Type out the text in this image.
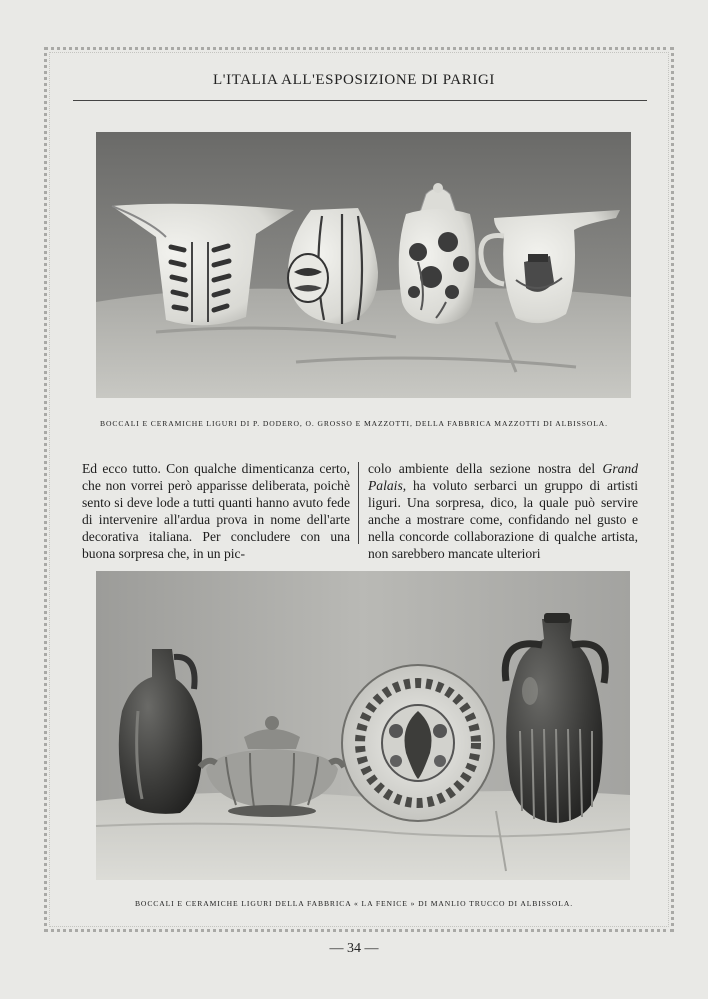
L'ITALIA ALL'ESPOSIZIONE DI PARIGI
BOCCALI E CERAMICHE LIGURI DI P. DODERO, O. GROSSO E MAZZOTTI, DELLA FABBRICA MAZZOTTI DI ALBISSOLA.

Ed ecco tutto. Con qualche dimenticanza certo, che non vorrei però apparisse deliberata, poichè sento si deve lode a tutti quanti hanno avuto fede di intervenire all'ardua prova in nome dell'arte decorativa italiana. Per concludere con una buona sorpresa che, in un pic-

colo ambiente della sezione nostra del Grand Palais, ha voluto serbarci un gruppo di artisti liguri. Una sorpresa, dico, la quale può servire anche a mostrare come, confidando nel gusto e nella concorde collaborazione di qualche artista, non sarebbero mancate ulteriori

BOCCALI E CERAMICHE LIGURI DELLA FABBRICA « LA FENICE » DI MANLIO TRUCCO DI ALBISSOLA.
— 34 —
